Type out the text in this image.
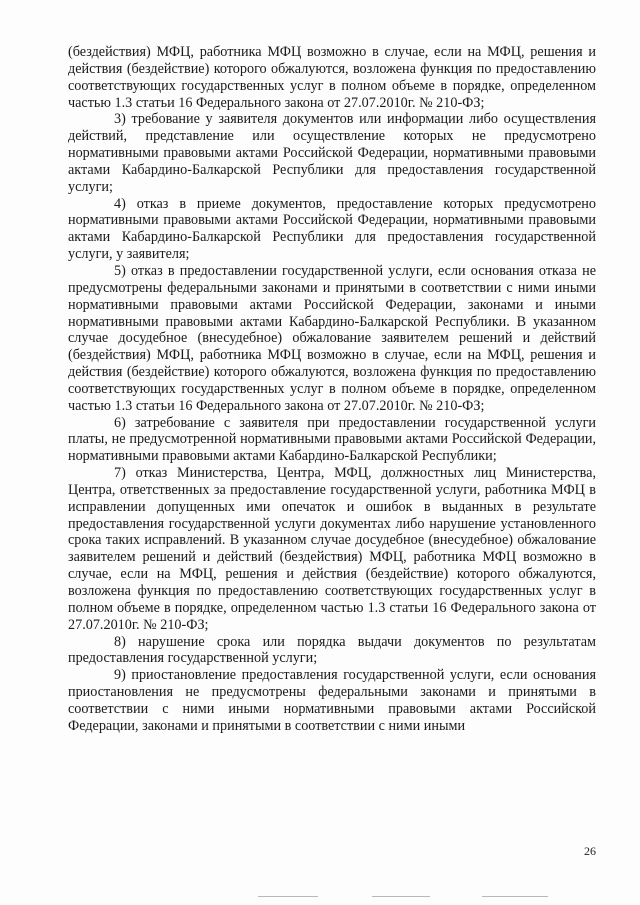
(бездействия) МФЦ, работника МФЦ возможно в случае, если на МФЦ, решения и действия (бездействие) которого обжалуются, возложена функция по предоставлению соответствующих государственных услуг в полном объеме в порядке, определенном частью 1.3 статьи 16 Федерального закона от 27.07.2010г. № 210-ФЗ;

3) требование у заявителя документов или информации либо осуществления действий, представление или осуществление которых не предусмотрено нормативными правовыми актами Российской Федерации, нормативными правовыми актами Кабардино-Балкарской Республики для предоставления государственной услуги;

4) отказ в приеме документов, предоставление которых предусмотрено нормативными правовыми актами Российской Федерации, нормативными правовыми актами Кабардино-Балкарской Республики для предоставления государственной услуги, у заявителя;

5) отказ в предоставлении государственной услуги, если основания отказа не предусмотрены федеральными законами и принятыми в соответствии с ними иными нормативными правовыми актами Российской Федерации, законами и иными нормативными правовыми актами Кабардино-Балкарской Республики. В указанном случае досудебное (внесудебное) обжалование заявителем решений и действий (бездействия) МФЦ, работника МФЦ возможно в случае, если на МФЦ, решения и действия (бездействие) которого обжалуются, возложена функция по предоставлению соответствующих государственных услуг в полном объеме в порядке, определенном частью 1.3 статьи 16 Федерального закона от 27.07.2010г. № 210-ФЗ;

6) затребование с заявителя при предоставлении государственной услуги платы, не предусмотренной нормативными правовыми актами Российской Федерации, нормативными правовыми актами Кабардино-Балкарской Республики;

7) отказ Министерства, Центра, МФЦ, должностных лиц Министерства, Центра, ответственных за предоставление государственной услуги, работника МФЦ в исправлении допущенных ими опечаток и ошибок в выданных в результате предоставления государственной услуги документах либо нарушение установленного срока таких исправлений. В указанном случае досудебное (внесудебное) обжалование заявителем решений и действий (бездействия) МФЦ, работника МФЦ возможно в случае, если на МФЦ, решения и действия (бездействие) которого обжалуются, возложена функция по предоставлению соответствующих государственных услуг в полном объеме в порядке, определенном частью 1.3 статьи 16 Федерального закона от 27.07.2010г. № 210-ФЗ;

8) нарушение срока или порядка выдачи документов по результатам предоставления государственной услуги;

9) приостановление предоставления государственной услуги, если основания приостановления не предусмотрены федеральными законами и принятыми в соответствии с ними иными нормативными правовыми актами Российской Федерации, законами и принятыми в соответствии с ними иными

26
